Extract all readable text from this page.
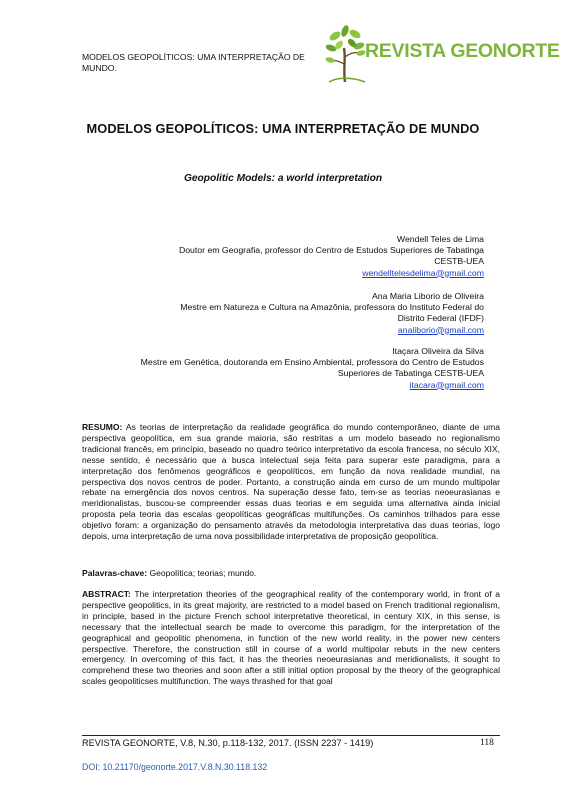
MODELOS GEOPOLÍTICOS: UMA INTERPRETAÇÃO DE MUNDO.
REVISTA GEONORTE
MODELOS GEOPOLÍTICOS: UMA INTERPRETAÇÃO DE MUNDO
Geopolitic Models: a world interpretation
Wendell Teles de Lima
Doutor em Geografia, professor do Centro de Estudos Superiores de Tabatinga
CESTB-UEA
wendelltelesdelima@gmail.com
Ana Maria Liborio de Oliveira
Mestre em Natureza e Cultura na Amazônia, professora do Instituto Federal do
Distrito Federal (IFDF)
analiborio@gmail.com
Itaçara Oliveira da Silva
Mestre em Genética, doutoranda em Ensino Ambiental, professora do Centro de Estudos
Superiores de Tabatinga CESTB-UEA
itacara@gmail.com
RESUMO: As teorias de interpretação da realidade geográfica do mundo contemporâneo, diante de uma perspectiva geopolítica, em sua grande maioria, são restritas a um modelo baseado no regionalismo tradicional francês, em princípio, baseado no quadro teórico interpretativo da escola francesa, no século XIX, nesse sentido, é necessário que a busca intelectual seja feita para superar este paradigma, para a interpretação dos fenômenos geográficos e geopolíticos, em função da nova realidade mundial, na perspectiva dos novos centros de poder. Portanto, a construção ainda em curso de um mundo multipolar rebate na emergência dos novos centros. Na superação desse fato, tem-se as teorias neoeurasianas e meridionalistas, buscou-se compreender essas duas teorias e em seguida uma alternativa ainda inicial proposta pela teoria das escalas geopolíticas geográficas multifunções. Os caminhos trilhados para esse objetivo foram: a organização do pensamento através da metodologia interpretativa das duas teorias, logo depois, uma interpretação de uma nova possibilidade interpretativa de proposição geopolítica.
Palavras-chave: Geopolítica; teorias; mundo.
ABSTRACT: The interpretation theories of the geographical reality of the contemporary world, in front of a perspective geopolitics, in its great majority, are restricted to a model based on French traditional regionalism, in principle, based in the picture French school interpretative theoretical, in century XIX, in this sense, is necessary that the intellectual search be made to overcome this paradigm, for the interpretation of the geographical and geopolitic phenomena, in function of the new world reality, in the power new centers perspective. Therefore, the construction still in course of a world multipolar rebuts in the new centers emergency. In overcoming of this fact, it has the theories neoeurasianas and meridionalists, it sought to comprehend these two theories and soon after a still initial option proposal by the theory of the geographical scales geopoliticses multifunction. The ways thrashed for that goal
REVISTA GEONORTE, V.8, N.30, p.118-132, 2017. (ISSN 2237 - 1419)	118
DOI: 10.21170/geonorte.2017.V.8.N.30.118.132
